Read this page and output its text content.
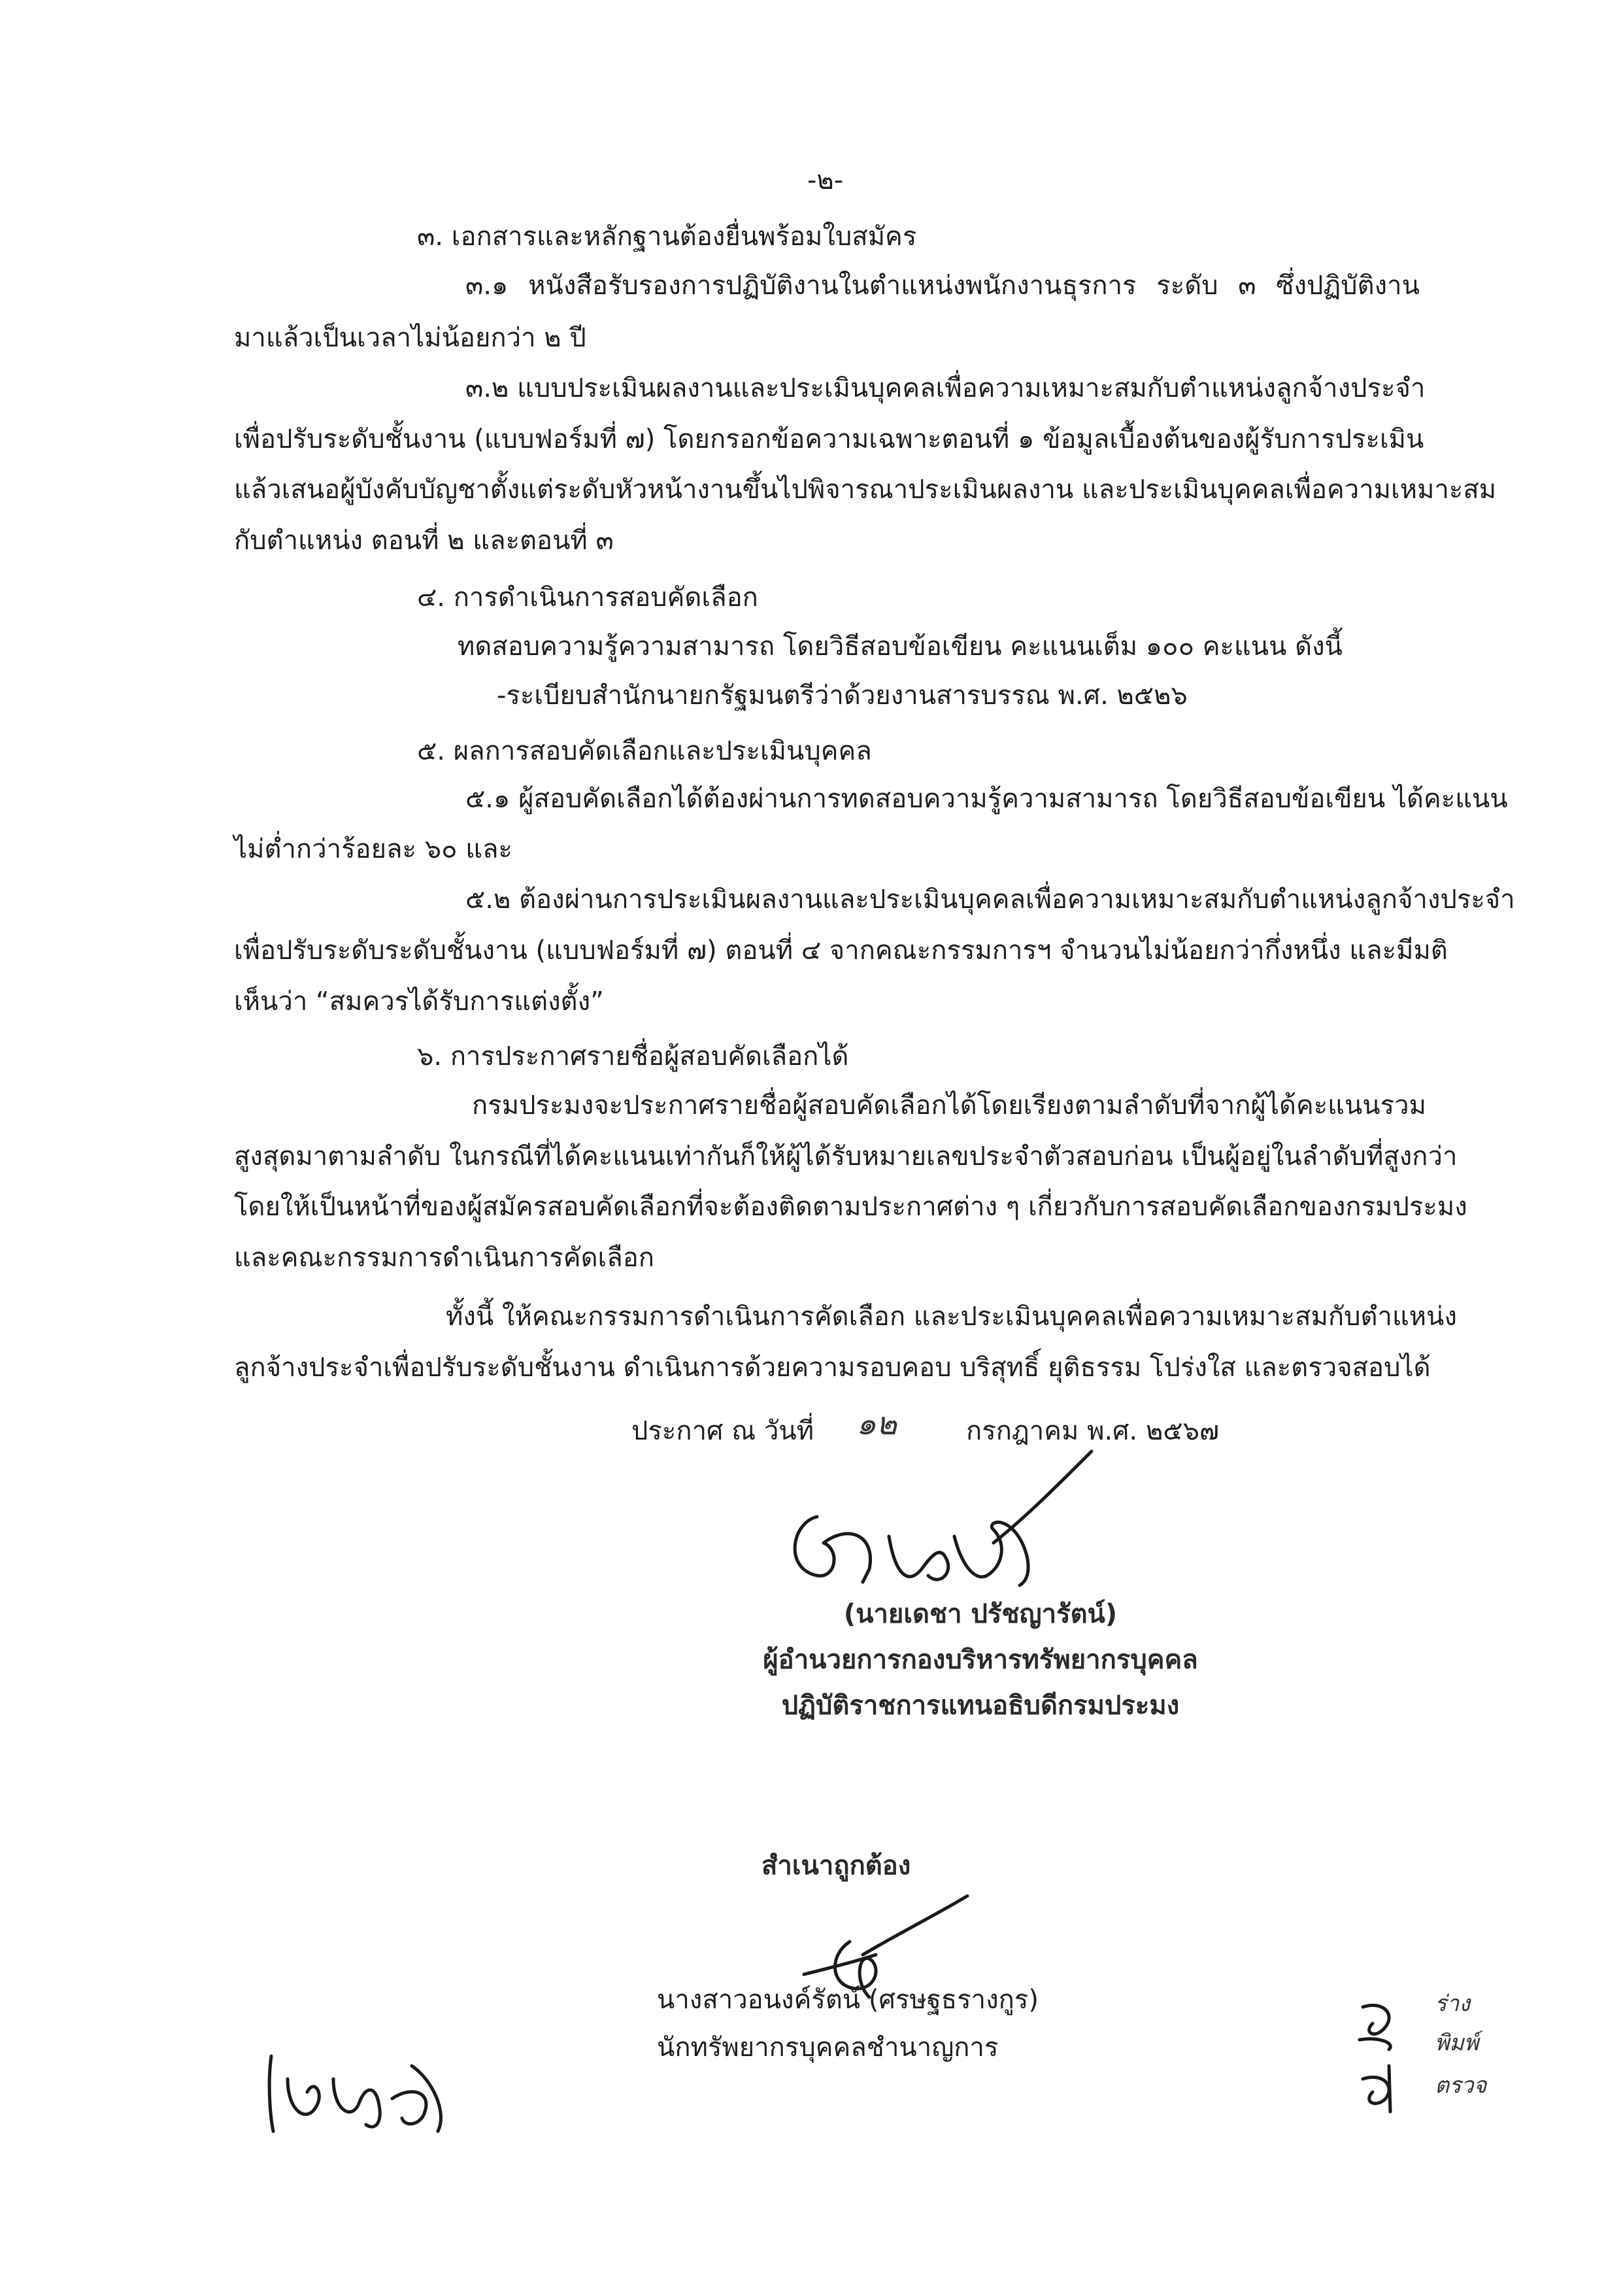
-๒-
๓. เอกสารและหลักฐานต้องยื่นพร้อมใบสมัคร
๓.๑ หนังสือรับรองการปฏิบัติงานในตำแหน่งพนักงานธุรการ ระดับ ๓ ซึ่งปฏิบัติงาน
มาแล้วเป็นเวลาไม่น้อยกว่า ๒ ปี
๓.๒ แบบประเมินผลงานและประเมินบุคคลเพื่อความเหมาะสมกับตำแหน่งลูกจ้างประจำ
เพื่อปรับระดับชั้นงาน (แบบฟอร์มที่ ๗) โดยกรอกข้อความเฉพาะตอนที่ ๑ ข้อมูลเบื้องต้นของผู้รับการประเมิน
แล้วเสนอผู้บังคับบัญชาตั้งแต่ระดับหัวหน้างานขึ้นไปพิจารณาประเมินผลงาน และประเมินบุคคลเพื่อความเหมาะสม
กับตำแหน่ง ตอนที่ ๒ และตอนที่ ๓
๔. การดำเนินการสอบคัดเลือก
ทดสอบความรู้ความสามารถ โดยวิธีสอบข้อเขียน คะแนนเต็ม ๑๐๐ คะแนน ดังนี้
-ระเบียบสำนักนายกรัฐมนตรีว่าด้วยงานสารบรรณ พ.ศ. ๒๕๒๖
๕. ผลการสอบคัดเลือกและประเมินบุคคล
๕.๑ ผู้สอบคัดเลือกได้ต้องผ่านการทดสอบความรู้ความสามารถ โดยวิธีสอบข้อเขียน ได้คะแนน
ไม่ต่ำกว่าร้อยละ ๖๐ และ
๕.๒ ต้องผ่านการประเมินผลงานและประเมินบุคคลเพื่อความเหมาะสมกับตำแหน่งลูกจ้างประจำ
เพื่อปรับระดับระดับชั้นงาน (แบบฟอร์มที่ ๗) ตอนที่ ๔ จากคณะกรรมการฯ จำนวนไม่น้อยกว่ากึ่งหนึ่ง และมีมติ
เห็นว่า “สมควรได้รับการแต่งตั้ง”
๖. การประกาศรายชื่อผู้สอบคัดเลือกได้
กรมประมงจะประกาศรายชื่อผู้สอบคัดเลือกได้โดยเรียงตามลำดับที่จากผู้ได้คะแนนรวม
สูงสุดมาตามลำดับ ในกรณีที่ได้คะแนนเท่ากันก็ให้ผู้ได้รับหมายเลขประจำตัวสอบก่อน เป็นผู้อยู่ในลำดับที่สูงกว่า
โดยให้เป็นหน้าที่ของผู้สมัครสอบคัดเลือกที่จะต้องติดตามประกาศต่าง ๆ เกี่ยวกับการสอบคัดเลือกของกรมประมง
และคณะกรรมการดำเนินการคัดเลือก
ทั้งนี้ ให้คณะกรรมการดำเนินการคัดเลือก และประเมินบุคคลเพื่อความเหมาะสมกับตำแหน่ง
ลูกจ้างประจำเพื่อปรับระดับชั้นงาน ดำเนินการด้วยความรอบคอบ บริสุทธิ์ ยุติธรรม โปร่งใส และตรวจสอบได้
ประกาศ ณ วันที่ ๑๒	กรกฎาคม พ.ศ. ๒๕๖๗
(นายเดชา ปรัชญารัตน์)
ผู้อำนวยการกองบริหารทรัพยากรบุคคล
ปฏิบัติราชการแทนอธิบดีกรมประมง
สำเนาถูกต้อง
นางสาวอนงค์รัตน์ (ศรษฐธรางกูร)
นักทรัพยากรบุคคลชำนาญการ
ร่าง
พิมพ์
ตรวจ
